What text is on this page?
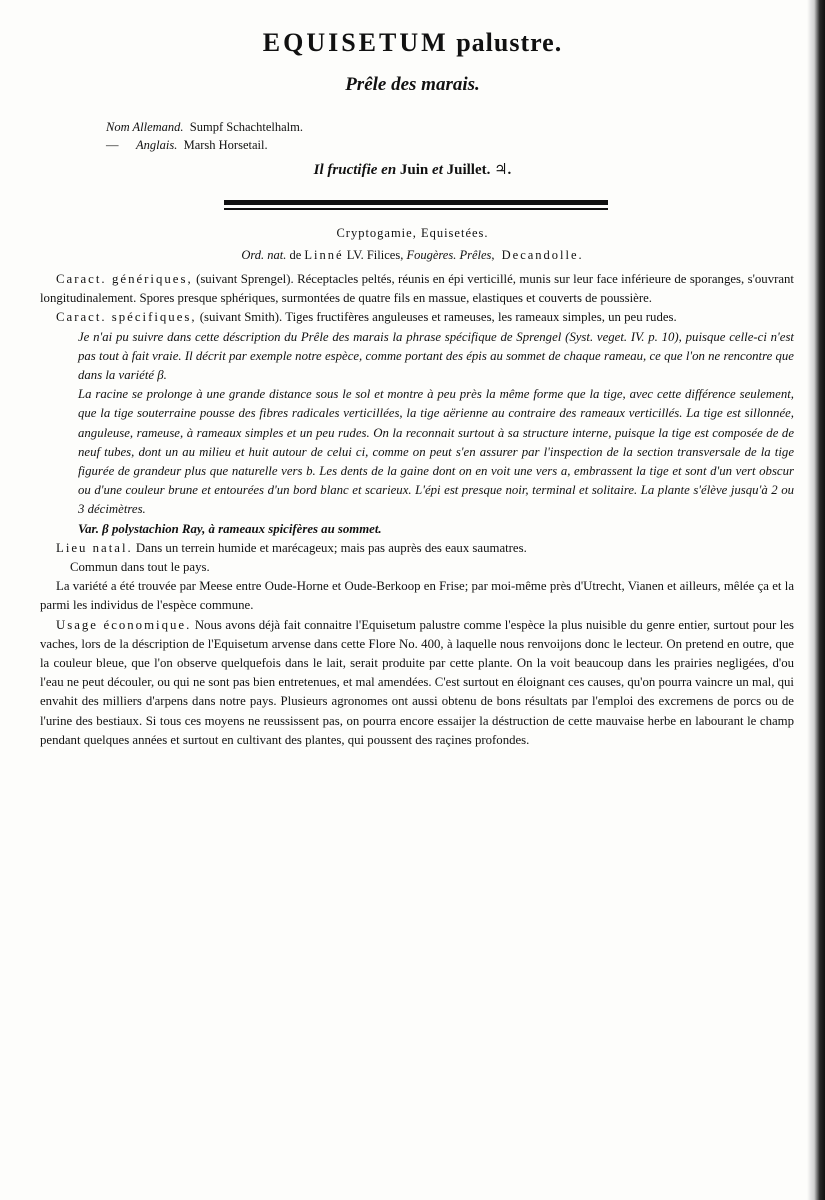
EQUISETUM palustre.
Prêle des marais.
Nom Allemand. Sumpf Schachtelhalm.
— Anglais. Marsh Horsetail.
Il fructifie en Juin et Juillet. ♃.
Cryptogamie, Equisetées.
Ord. nat. de Linné LV. Filices, Fougères. Prêles, Decandolle.

Caract. génériques, (suivant Sprengel). Réceptacles peltés, réunis en épi verticillé, munis sur leur face inférieure de sporanges, s'ouvrant longitudinalement. Spores presque sphériques, surmontées de quatre fils en massue, elastiques et couverts de poussière.

Caract. spécifiques, (suivant Smith). Tiges fructifères anguleuses et rameuses, les rameaux simples, un peu rudes.

Je n'ai pu suivre dans cette déscription du Prêle des marais la phrase spécifique de Sprengel (Syst. veget. IV. p. 10), puisque celle-ci n'est pas tout à fait vraie. Il décrit par exemple notre espèce, comme portant des épis au sommet de chaque rameau, ce que l'on ne rencontre que dans la variété β.

La racine se prolonge à une grande distance sous le sol et montre à peu près la même forme que la tige, avec cette différence seulement, que la tige souterraine pousse des fibres radicales verticillées, la tige aërienne au contraire des rameaux verticillés. La tige est sillonnée, anguleuse, rameuse, à rameaux simples et un peu rudes. On la reconnait surtout à sa structure interne, puisque la tige est composée de de neuf tubes, dont un au milieu et huit autour de celui ci, comme on peut s'en assurer par l'inspection de la section transversale de la tige figurée de grandeur plus que naturelle vers b. Les dents de la gaine dont on en voit une vers a, embrassent la tige et sont d'un vert obscur ou d'une couleur brune et entourées d'un bord blanc et scarieux. L'épi est presque noir, terminal et solitaire. La plante s'élève jusqu'à 2 ou 3 décimètres.

Var. β polystachion Ray, à rameaux spicifères au sommet.

Lieu natal. Dans un terrein humide et marécageux; mais pas auprès des eaux saumatres.

Commun dans tout le pays.

La variété a été trouvée par Meese entre Oude-Horne et Oude-Berkoop en Frise; par moi-même près d'Utrecht, Vianen et ailleurs, mêlée ça et la parmi les individus de l'espèce commune.

Usage économique. Nous avons déjà fait connaitre l'Equisetum palustre comme l'espèce la plus nuisible du genre entier, surtout pour les vaches, lors de la déscription de l'Equisetum arvense dans cette Flore No. 400, à laquelle nous renvoijons donc le lecteur. On pretend en outre, que la couleur bleue, que l'on observe quelquefois dans le lait, serait produite par cette plante. On la voit beaucoup dans les prairies negligées, d'ou l'eau ne peut découler, ou qui ne sont pas bien entretenues, et mal amendées. C'est surtout en éloignant ces causes, qu'on pourra vaincre un mal, qui envahit des milliers d'arpens dans notre pays. Plusieurs agronomes ont aussi obtenu de bons résultats par l'emploi des excremens de porcs ou de l'urine des bestiaux. Si tous ces moyens ne reussissent pas, on pourra encore essaijer la déstruction de cette mauvaise herbe en labourant le champ pendant quelques années et surtout en cultivant des plantes, qui poussent des raçines profondes.
